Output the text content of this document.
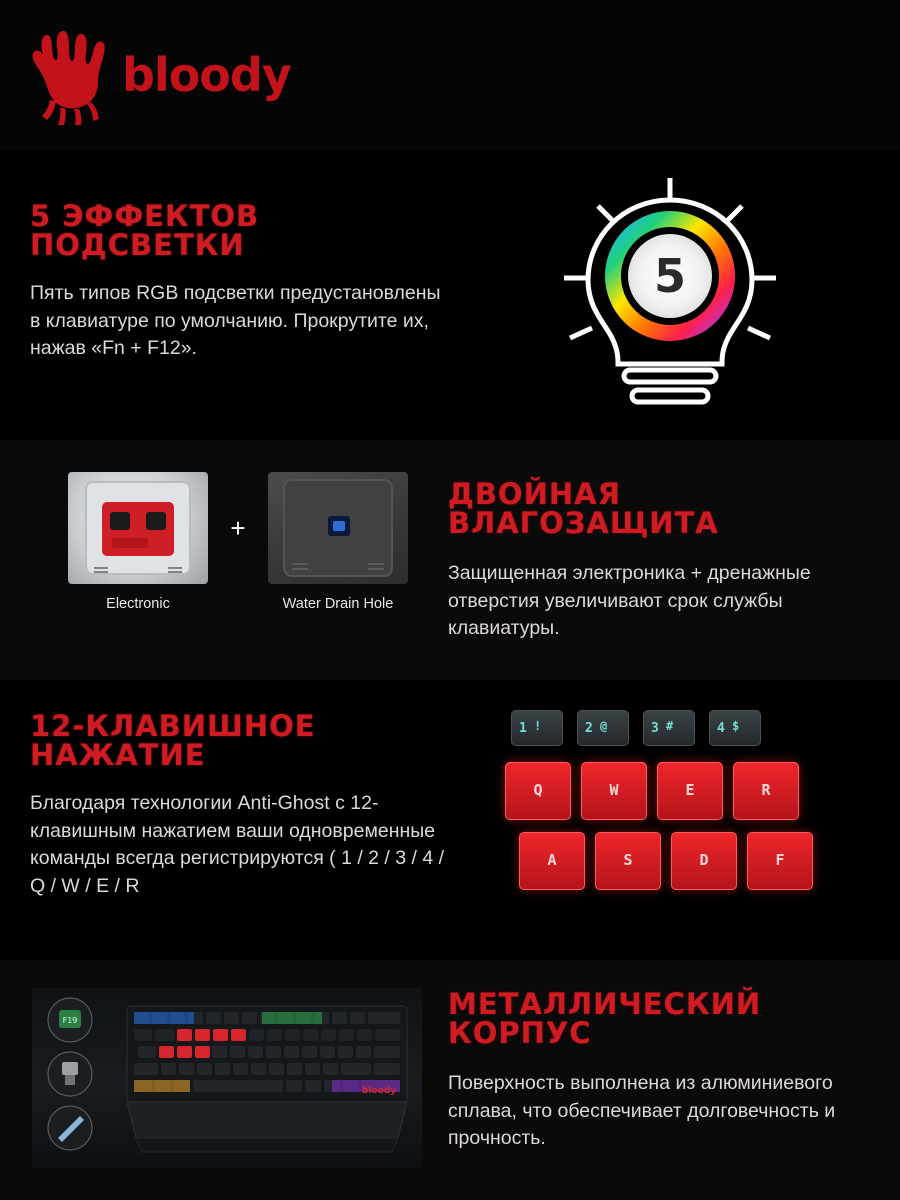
bloody
5 ЭФФЕКТОВ ПОДСВЕТКИ
Пять типов RGB подсветки предустановлены в клавиатуре по умолчанию. Прокрутите их, нажав «Fn + F12».
5
Electronic
+
Water Drain Hole
ДВОЙНАЯ ВЛАГОЗАЩИТА
Защищенная электроника + дренажные отверстия увеличивают срок службы клавиатуры.
12-КЛАВИШНОЕ НАЖАТИЕ
Благодаря технологии Anti-Ghost с 12-клавишным нажатием ваши одновременные команды всегда регистрируются ( 1 / 2 / 3 / 4 / Q / W / E / R
1 !	2 @	3 #	4 $
Q	W	E	R
A	S	D	F
bloody
F19	МЕТАЛЛИЧЕСКИЙ КОРПУС
Поверхность выполнена из алюминиевого сплава, что обеспечивает долговечность и прочность.
